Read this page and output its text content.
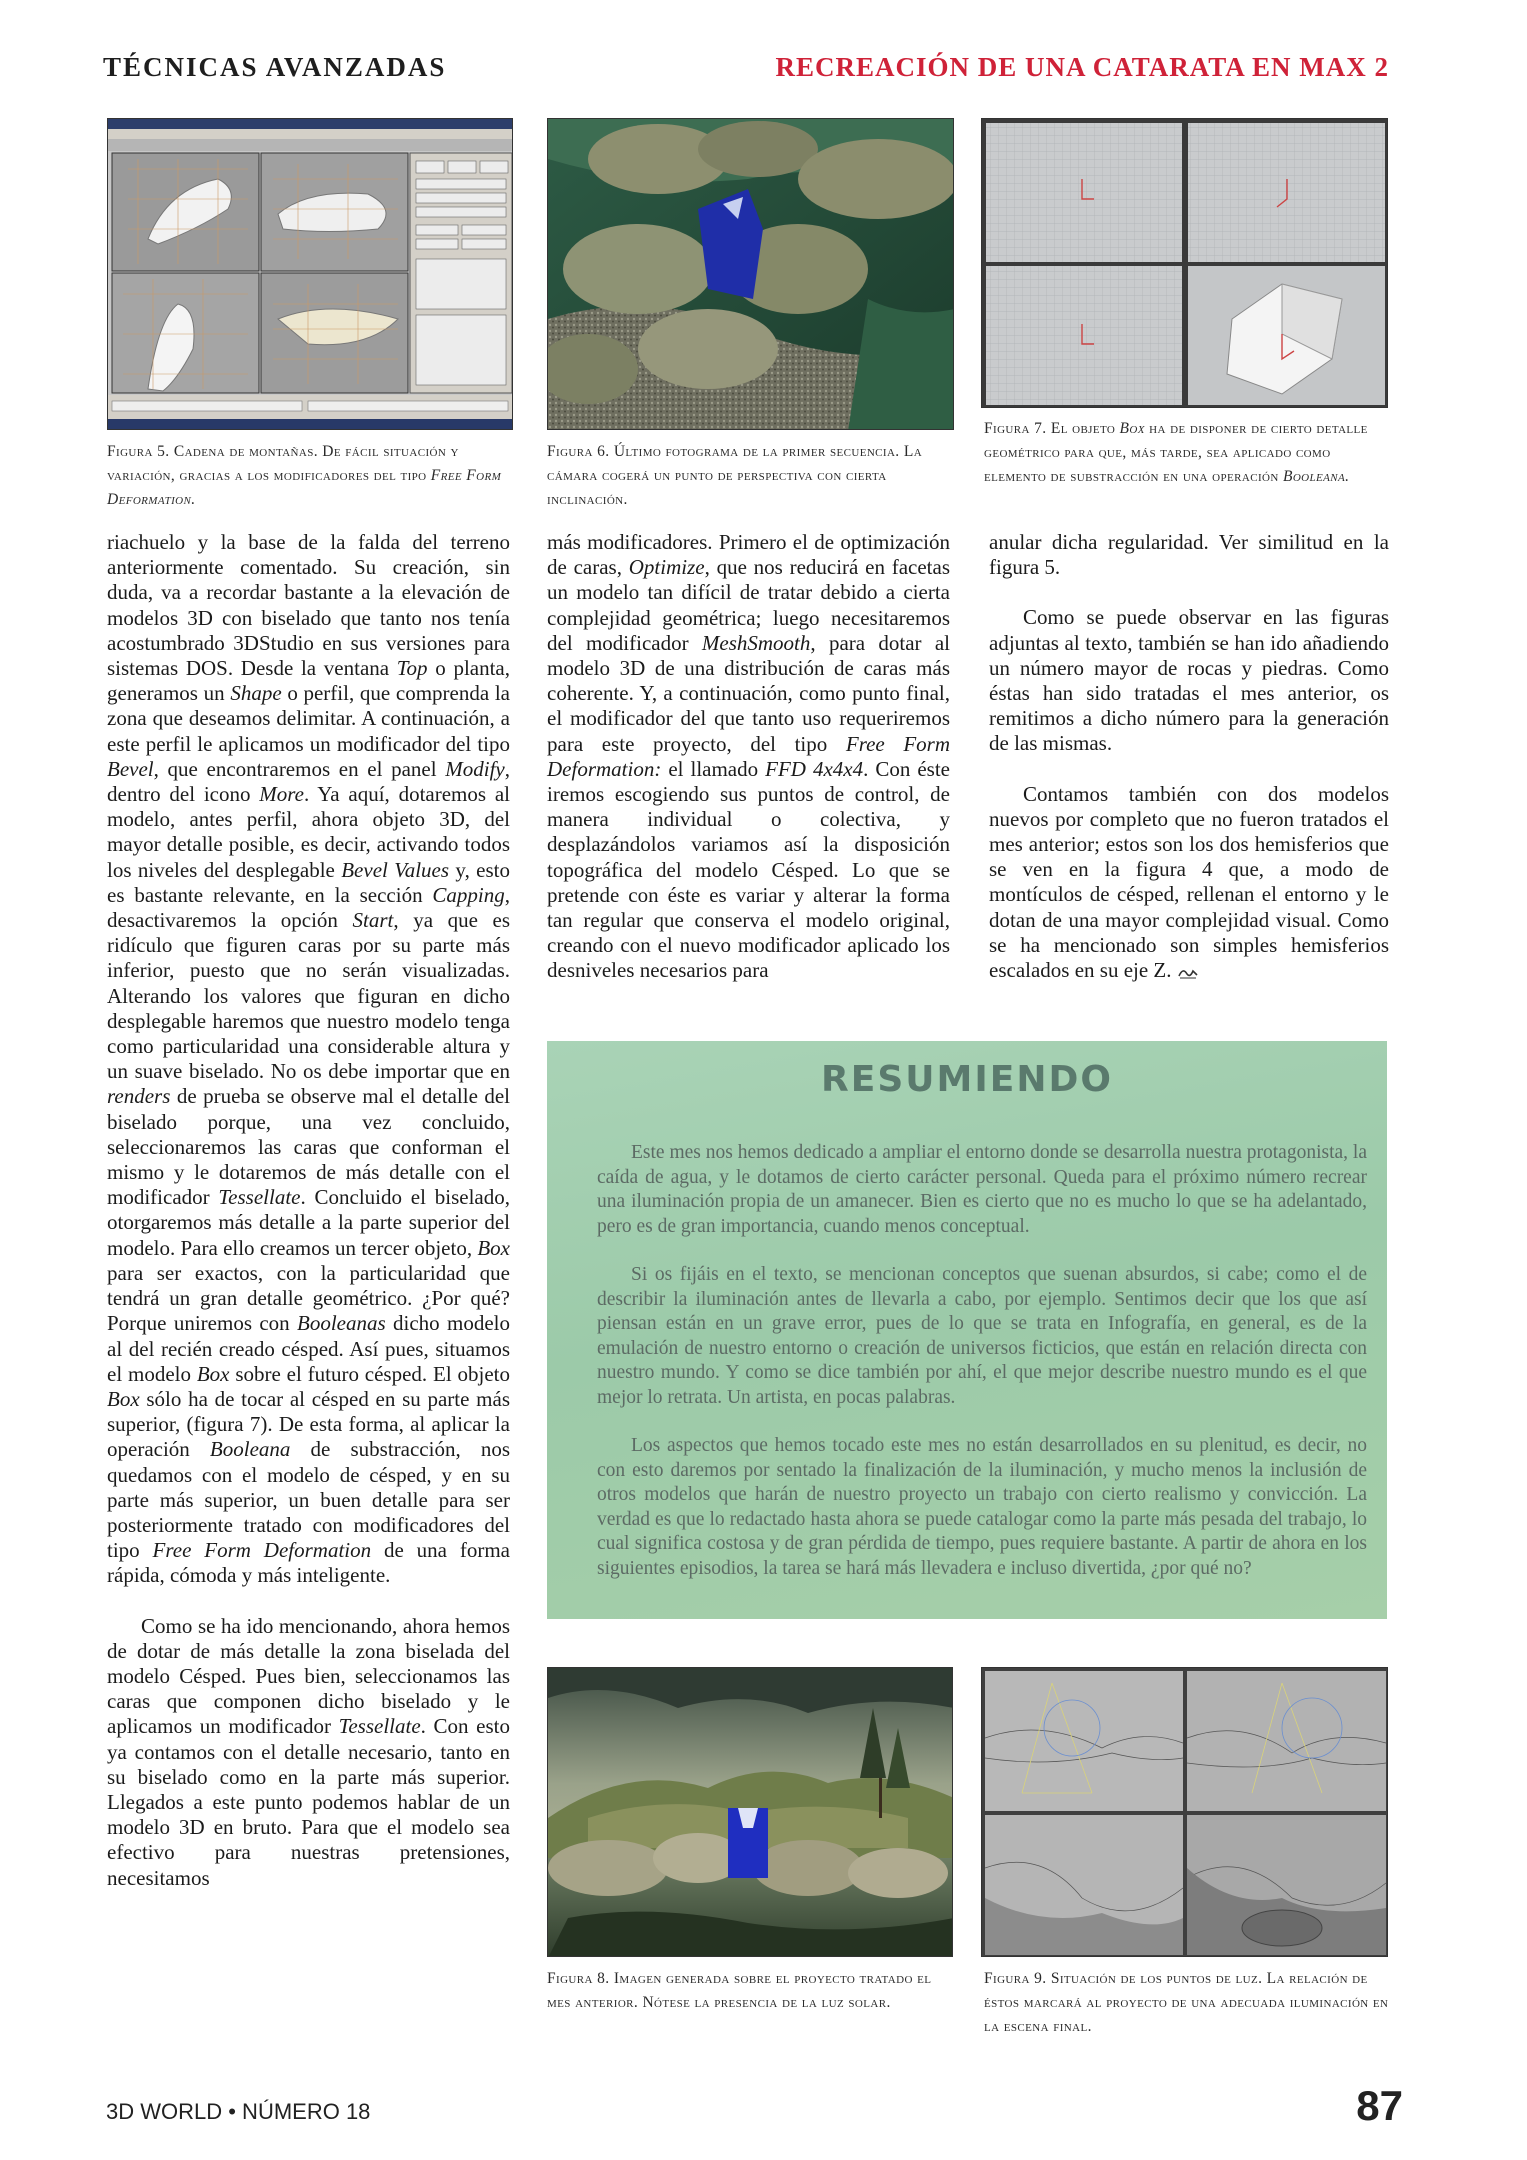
TÉCNICAS AVANZADAS	RECREACIÓN DE UNA CATARATA EN MAX 2
Figura 5. Cadena de montañas. De fácil situación y variación, gracias a los modificadores del tipo Free Form Deformation.
Figura 6. Último fotograma de la primer secuencia. La cámara cogerá un punto de perspectiva con cierta inclinación.
Figura 7. El objeto Box ha de disponer de cierto detalle geométrico para que, más tarde, sea aplicado como elemento de substracción en una operación Booleana.

riachuelo y la base de la falda del terreno anteriormente comentado. Su creación, sin duda, va a recordar bastante a la elevación de modelos 3D con biselado que tanto nos tenía acostumbrado 3DStudio en sus versiones para sistemas DOS. Desde la ventana Top o planta, generamos un Shape o perfil, que comprenda la zona que deseamos delimitar. A continuación, a este perfil le aplicamos un modificador del tipo Bevel, que encontraremos en el panel Modify, dentro del icono More. Ya aquí, dotaremos al modelo, antes perfil, ahora objeto 3D, del mayor detalle posible, es decir, activando todos los niveles del desplegable Bevel Values y, esto es bastante relevante, en la sección Capping, desactivaremos la opción Start, ya que es ridículo que figuren caras por su parte más inferior, puesto que no serán visualizadas. Alterando los valores que figuran en dicho desplegable haremos que nuestro modelo tenga como particularidad una considerable altura y un suave biselado. No os debe importar que en renders de prueba se observe mal el detalle del biselado porque, una vez concluido, seleccionaremos las caras que conforman el mismo y le dotaremos de más detalle con el modificador Tessellate. Concluido el biselado, otorgaremos más detalle a la parte superior del modelo. Para ello creamos un tercer objeto, Box para ser exactos, con la particularidad que tendrá un gran detalle geométrico. ¿Por qué? Porque uniremos con Booleanas dicho modelo al del recién creado césped. Así pues, situamos el modelo Box sobre el futuro césped. El objeto Box sólo ha de tocar al césped en su parte más superior, (figura 7). De esta forma, al aplicar la operación Booleana de substracción, nos quedamos con el modelo de césped, y en su parte más superior, un buen detalle para ser posteriormente tratado con modificadores del tipo Free Form Deformation de una forma rápida, cómoda y más inteligente.

Como se ha ido mencionando, ahora hemos de dotar de más detalle la zona biselada del modelo Césped. Pues bien, seleccionamos las caras que componen dicho biselado y le aplicamos un modificador Tessellate. Con esto ya contamos con el detalle necesario, tanto en su biselado como en la parte más superior. Llegados a este punto podemos hablar de un modelo 3D en bruto. Para que el modelo sea efectivo para nuestras pretensiones, necesitamos

más modificadores. Primero el de optimización de caras, Optimize, que nos reducirá en facetas un modelo tan difícil de tratar debido a cierta complejidad geométrica; luego necesitaremos del modificador MeshSmooth, para dotar al modelo 3D de una distribución de caras más coherente. Y, a continuación, como punto final, el modificador del que tanto uso requeriremos para este proyecto, del tipo Free Form Deformation: el llamado FFD 4x4x4. Con éste iremos escogiendo sus puntos de control, de manera individual o colectiva, y desplazándolos variamos así la disposición topográfica del modelo Césped. Lo que se pretende con éste es variar y alterar la forma tan regular que conserva el modelo original, creando con el nuevo modificador aplicado los desniveles necesarios para

anular dicha regularidad. Ver similitud en la figura 5.

Como se puede observar en las figuras adjuntas al texto, también se han ido añadiendo un número mayor de rocas y piedras. Como éstas han sido tratadas el mes anterior, os remitimos a dicho número para la generación de las mismas.

Contamos también con dos modelos nuevos por completo que no fueron tratados el mes anterior; estos son los dos hemisferios que se ven en la figura 4 que, a modo de montículos de césped, rellenan el entorno y le dotan de una mayor complejidad visual. Como se ha mencionado son simples hemisferios escalados en su eje Z.

RESUMIENDO

Este mes nos hemos dedicado a ampliar el entorno donde se desarrolla nuestra protagonista, la caída de agua, y le dotamos de cierto carácter personal. Queda para el próximo número recrear una iluminación propia de un amanecer. Bien es cierto que no es mucho lo que se ha adelantado, pero es de gran importancia, cuando menos conceptual.

Si os fijáis en el texto, se mencionan conceptos que suenan absurdos, si cabe; como el de describir la iluminación antes de llevarla a cabo, por ejemplo. Sentimos decir que los que así piensan están en un grave error, pues de lo que se trata en Infografía, en general, es de la emulación de nuestro entorno o creación de universos ficticios, que están en relación directa con nuestro mundo. Y como se dice también por ahí, el que mejor describe nuestro mundo es el que mejor lo retrata. Un artista, en pocas palabras.

Los aspectos que hemos tocado este mes no están desarrollados en su plenitud, es decir, no con esto daremos por sentado la finalización de la iluminación, y mucho menos la inclusión de otros modelos que harán de nuestro proyecto un trabajo con cierto realismo y convicción. La verdad es que lo redactado hasta ahora se puede catalogar como la parte más pesada del trabajo, lo cual significa costosa y de gran pérdida de tiempo, pues requiere bastante. A partir de ahora en los siguientes episodios, la tarea se hará más llevadera e incluso divertida, ¿por qué no?

Figura 8. Imagen generada sobre el proyecto tratado el mes anterior. Nótese la presencia de la luz solar.
Figura 9. Situación de los puntos de luz. La relación de éstos marcará al proyecto de una adecuada iluminación en la escena final.
3D WORLD • NÚMERO 18	87
